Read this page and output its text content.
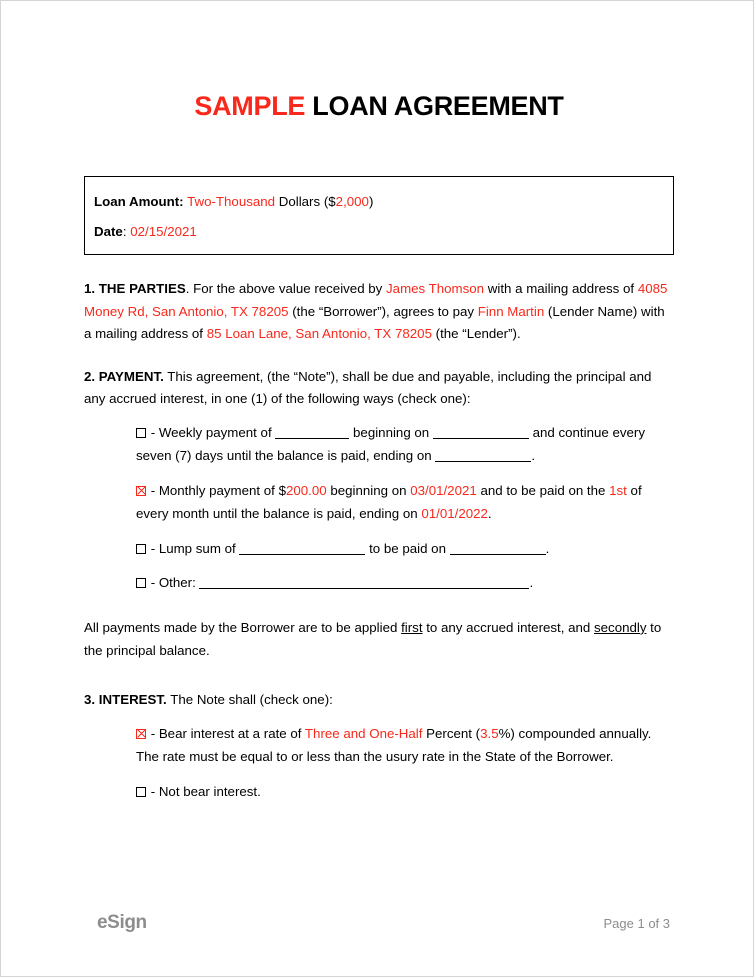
SAMPLE LOAN AGREEMENT

Loan Amount: Two-Thousand Dollars ($2,000)

Date: 02/15/2021

1. THE PARTIES. For the above value received by James Thomson with a mailing address of 4085 Money Rd, San Antonio, TX 78205 (the “Borrower”), agrees to pay Finn Martin (Lender Name) with a mailing address of 85 Loan Lane, San Antonio, TX 78205 (the “Lender”).

2. PAYMENT. This agreement, (the “Note”), shall be due and payable, including the principal and any accrued interest, in one (1) of the following ways (check one):

- Weekly payment of	beginning on	and continue every seven (7) days until the balance is paid, ending on	.
- Monthly payment of $200.00 beginning on 03/01/2021 and to be paid on the 1st of every month until the balance is paid, ending on 01/01/2022.
- Lump sum of	to be paid on	.
- Other:	.

All payments made by the Borrower are to be applied first to any accrued interest, and secondly to the principal balance.

3. INTEREST. The Note shall (check one):

- Bear interest at a rate of Three and One-Half Percent (3.5%) compounded annually. The rate must be equal to or less than the usury rate in the State of the Borrower.
- Not bear interest.
eSign	Page 1 of 3
